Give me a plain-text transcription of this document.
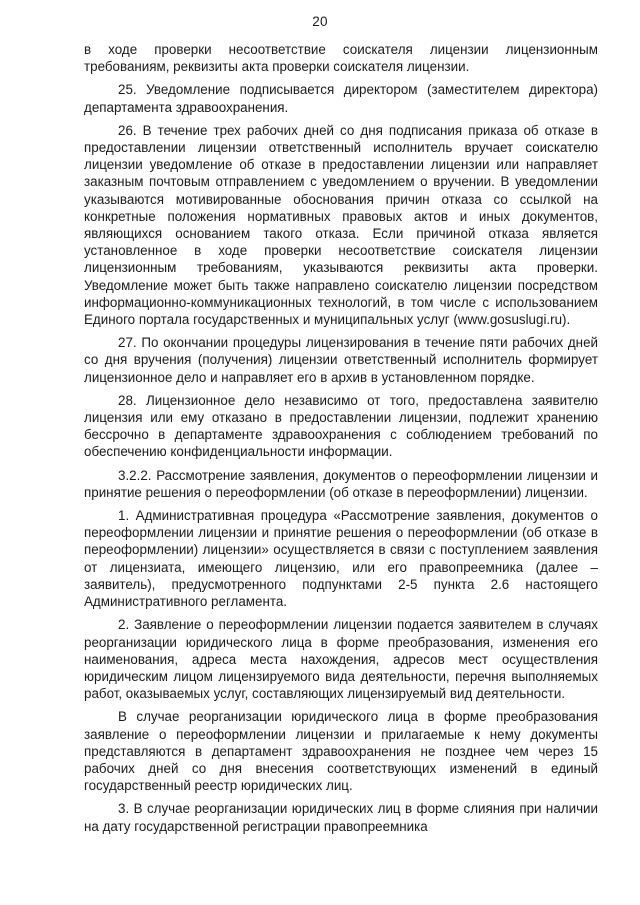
20

в ходе проверки несоответствие соискателя лицензии лицензионным требованиям, реквизиты акта проверки соискателя лицензии.

25. Уведомление подписывается директором (заместителем директора) департамента здравоохранения.

26. В течение трех рабочих дней со дня подписания приказа об отказе в предоставлении лицензии ответственный исполнитель вручает соискателю лицензии уведомление об отказе в предоставлении лицензии или направляет заказным почтовым отправлением с уведомлением о вручении. В уведомлении указываются мотивированные обоснования причин отказа со ссылкой на конкретные положения нормативных правовых актов и иных документов, являющихся основанием такого отказа. Если причиной отказа является установленное в ходе проверки несоответствие соискателя лицензии лицензионным требованиям, указываются реквизиты акта проверки. Уведомление может быть также направлено соискателю лицензии посредством информационно-коммуникационных технологий, в том числе с использованием Единого портала государственных и муниципальных услуг (www.gosuslugi.ru).

27. По окончании процедуры лицензирования в течение пяти рабочих дней со дня вручения (получения) лицензии ответственный исполнитель формирует лицензионное дело и направляет его в архив в установленном порядке.

28. Лицензионное дело независимо от того, предоставлена заявителю лицензия или ему отказано в предоставлении лицензии, подлежит хранению бессрочно в департаменте здравоохранения с соблюдением требований по обеспечению конфиденциальности информации.

3.2.2. Рассмотрение заявления, документов о переоформлении лицензии и принятие решения о переоформлении (об отказе в переоформлении) лицензии.

1. Административная процедура «Рассмотрение заявления, документов о переоформлении лицензии и принятие решения о переоформлении (об отказе в переоформлении) лицензии» осуществляется в связи с поступлением заявления от лицензиата, имеющего лицензию, или его правопреемника (далее – заявитель), предусмотренного подпунктами 2-5 пункта 2.6 настоящего Административного регламента.

2. Заявление о переоформлении лицензии подается заявителем в случаях реорганизации юридического лица в форме преобразования, изменения его наименования, адреса места нахождения, адресов мест осуществления юридическим лицом лицензируемого вида деятельности, перечня выполняемых работ, оказываемых услуг, составляющих лицензируемый вид деятельности.

В случае реорганизации юридического лица в форме преобразования заявление о переоформлении лицензии и прилагаемые к нему документы представляются в департамент здравоохранения не позднее чем через 15 рабочих дней со дня внесения соответствующих изменений в единый государственный реестр юридических лиц.

3. В случае реорганизации юридических лиц в форме слияния при наличии на дату государственной регистрации правопреемника
